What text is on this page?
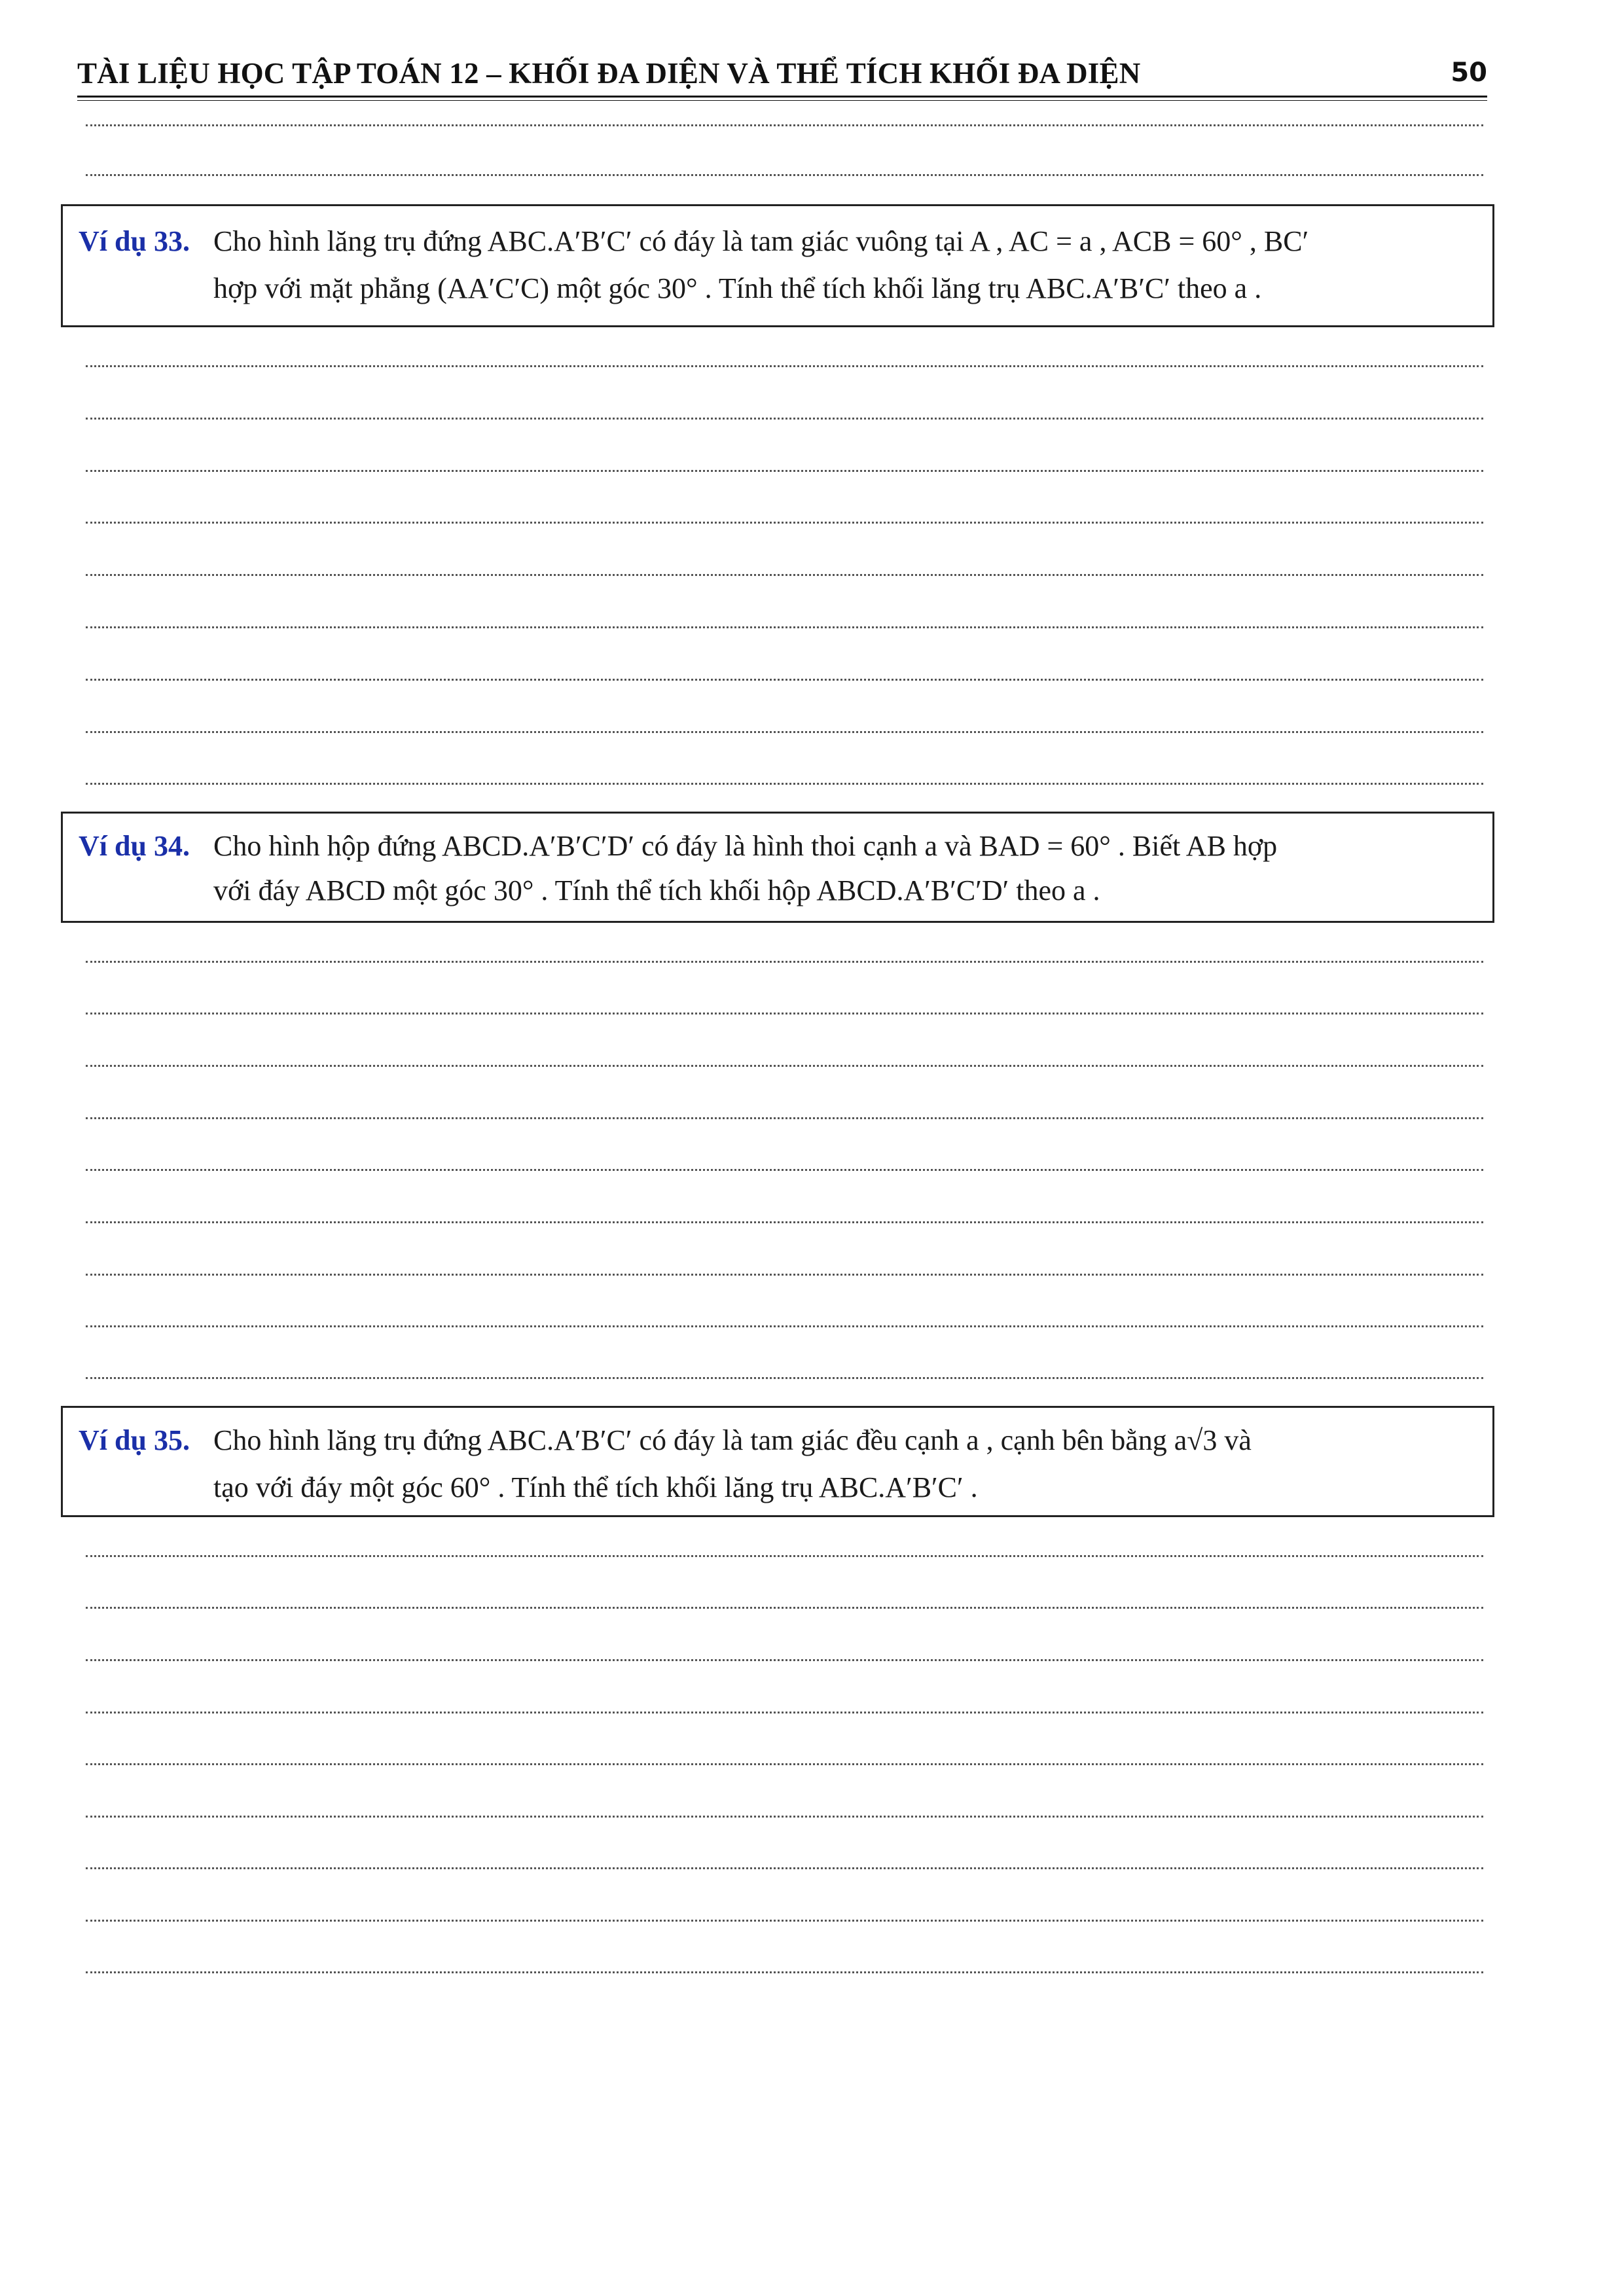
TÀI LIỆU HỌC TẬP TOÁN 12 – KHỐI ĐA DIỆN VÀ THỂ TÍCH KHỐI ĐA DIỆN	50
Ví dụ 33. Cho hình lăng trụ đứng ABC.A′B′C′ có đáy là tam giác vuông tại A , AC = a , ACB = 60° , BC′
hợp với mặt phẳng (AA′C′C) một góc 30° . Tính thể tích khối lăng trụ ABC.A′B′C′ theo a .
Ví dụ 34. Cho hình hộp đứng ABCD.A′B′C′D′ có đáy là hình thoi cạnh a và BAD = 60° . Biết AB hợp
với đáy ABCD một góc 30° . Tính thể tích khối hộp ABCD.A′B′C′D′ theo a .
Ví dụ 35. Cho hình lăng trụ đứng ABC.A′B′C′ có đáy là tam giác đều cạnh a , cạnh bên bằng a√3 và
tạo với đáy một góc 60° . Tính thể tích khối lăng trụ ABC.A′B′C′ .
